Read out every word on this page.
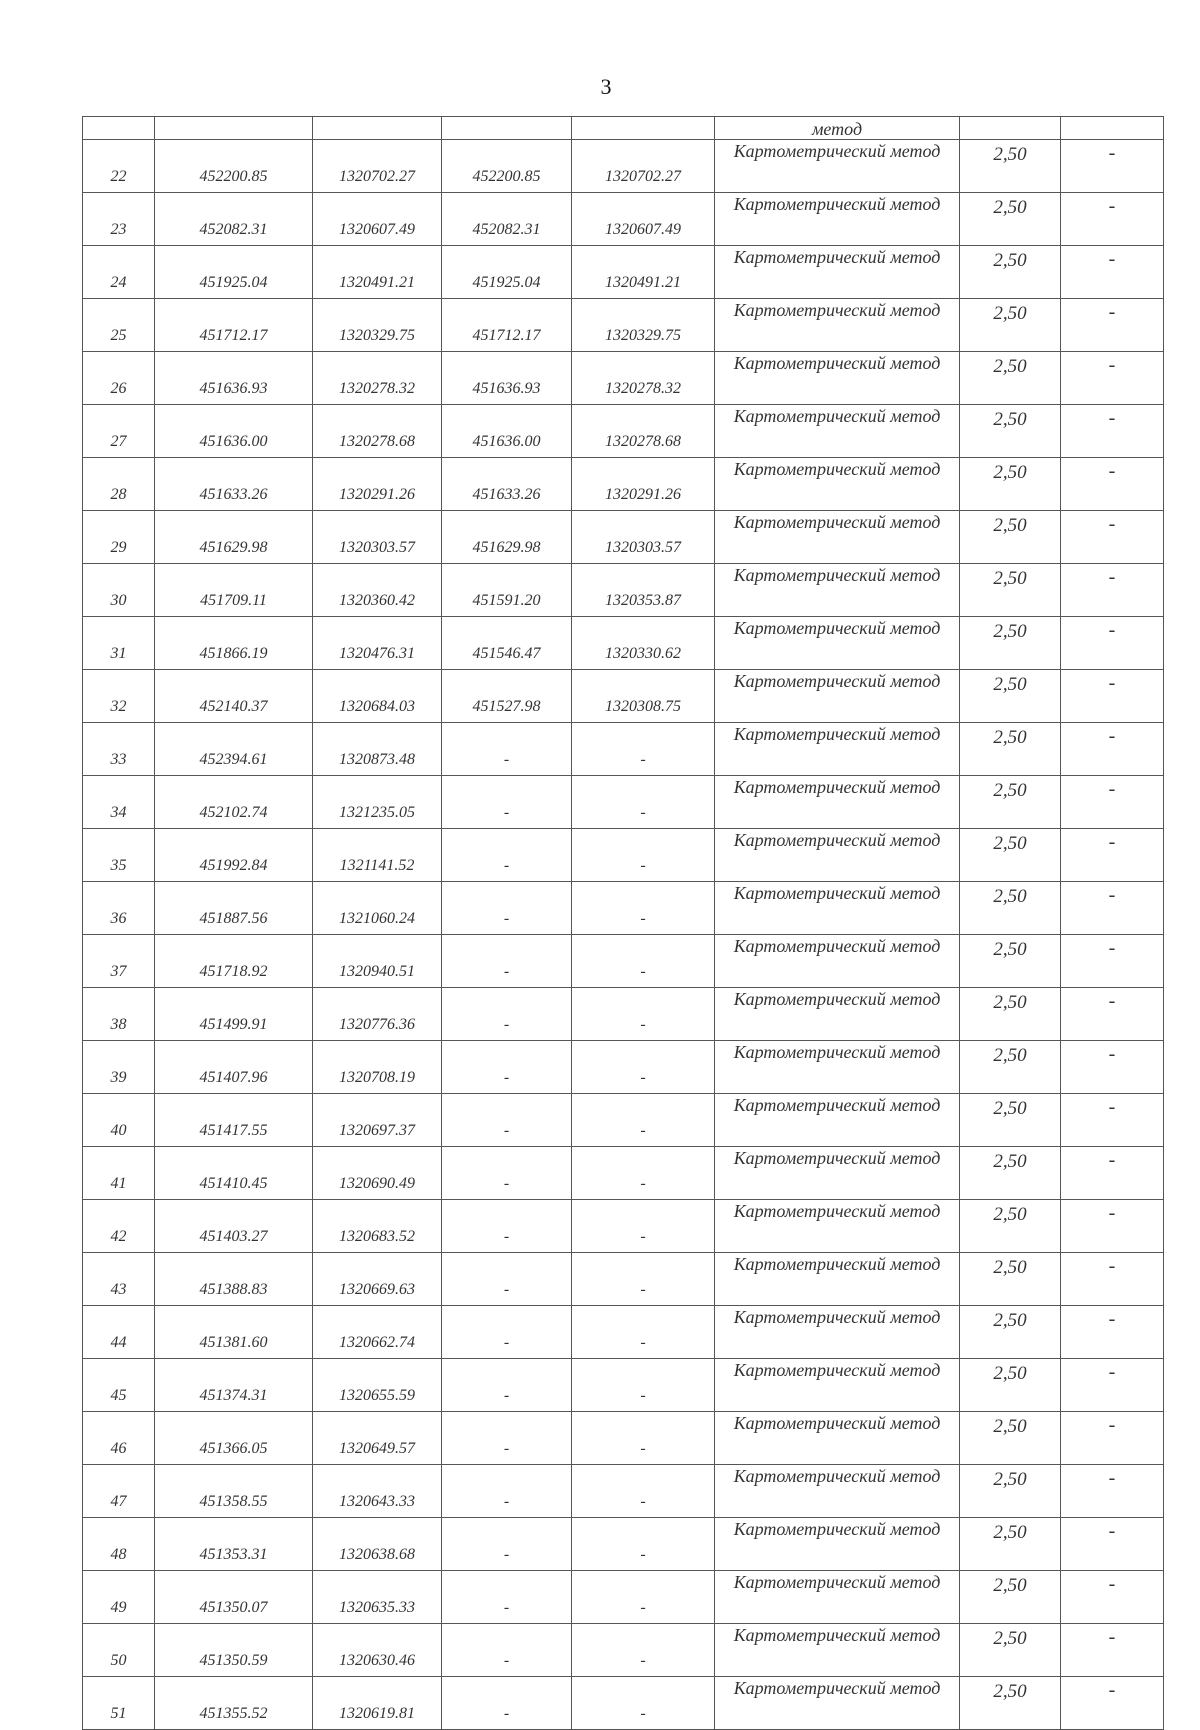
3
					метод		
22	452200.85	1320702.27	452200.85	1320702.27	Картометрический метод	2,50	-
23	452082.31	1320607.49	452082.31	1320607.49	Картометрический метод	2,50	-
24	451925.04	1320491.21	451925.04	1320491.21	Картометрический метод	2,50	-
25	451712.17	1320329.75	451712.17	1320329.75	Картометрический метод	2,50	-
26	451636.93	1320278.32	451636.93	1320278.32	Картометрический метод	2,50	-
27	451636.00	1320278.68	451636.00	1320278.68	Картометрический метод	2,50	-
28	451633.26	1320291.26	451633.26	1320291.26	Картометрический метод	2,50	-
29	451629.98	1320303.57	451629.98	1320303.57	Картометрический метод	2,50	-
30	451709.11	1320360.42	451591.20	1320353.87	Картометрический метод	2,50	-
31	451866.19	1320476.31	451546.47	1320330.62	Картометрический метод	2,50	-
32	452140.37	1320684.03	451527.98	1320308.75	Картометрический метод	2,50	-
33	452394.61	1320873.48	-	-	Картометрический метод	2,50	-
34	452102.74	1321235.05	-	-	Картометрический метод	2,50	-
35	451992.84	1321141.52	-	-	Картометрический метод	2,50	-
36	451887.56	1321060.24	-	-	Картометрический метод	2,50	-
37	451718.92	1320940.51	-	-	Картометрический метод	2,50	-
38	451499.91	1320776.36	-	-	Картометрический метод	2,50	-
39	451407.96	1320708.19	-	-	Картометрический метод	2,50	-
40	451417.55	1320697.37	-	-	Картометрический метод	2,50	-
41	451410.45	1320690.49	-	-	Картометрический метод	2,50	-
42	451403.27	1320683.52	-	-	Картометрический метод	2,50	-
43	451388.83	1320669.63	-	-	Картометрический метод	2,50	-
44	451381.60	1320662.74	-	-	Картометрический метод	2,50	-
45	451374.31	1320655.59	-	-	Картометрический метод	2,50	-
46	451366.05	1320649.57	-	-	Картометрический метод	2,50	-
47	451358.55	1320643.33	-	-	Картометрический метод	2,50	-
48	451353.31	1320638.68	-	-	Картометрический метод	2,50	-
49	451350.07	1320635.33	-	-	Картометрический метод	2,50	-
50	451350.59	1320630.46	-	-	Картометрический метод	2,50	-
51	451355.52	1320619.81	-	-	Картометрический метод	2,50	-
